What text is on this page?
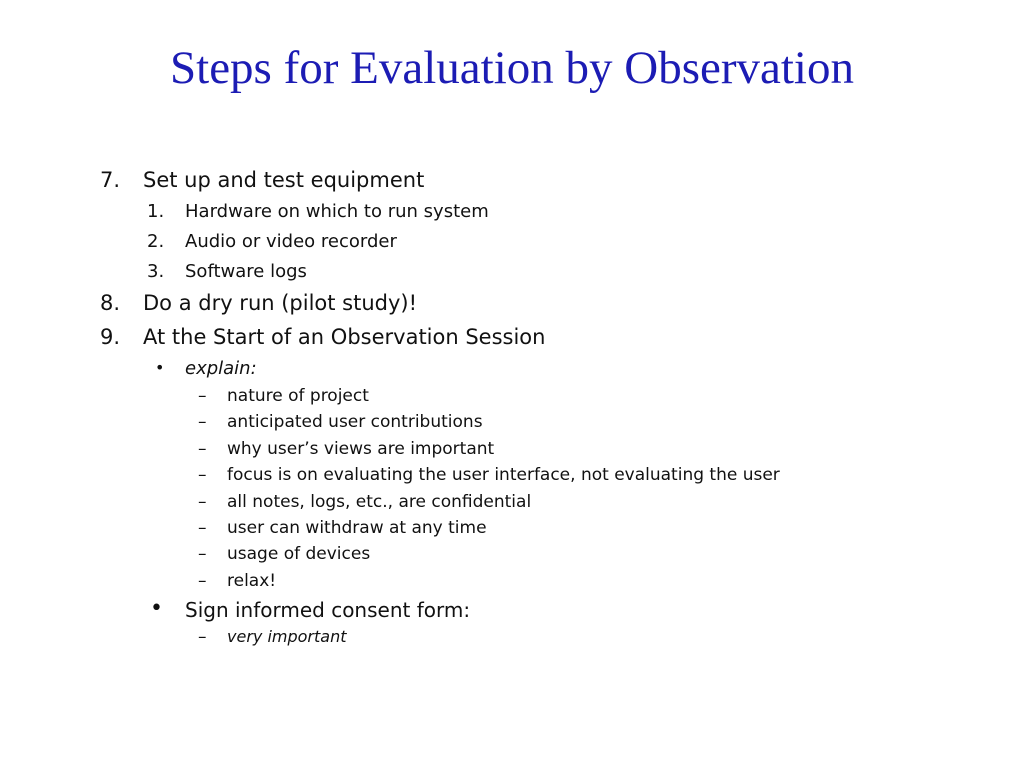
Steps for Evaluation by Observation
7. Set up and test equipment
1. Hardware on which to run system
2. Audio or video recorder
3. Software logs
8. Do a dry run (pilot study)!
9. At the Start of an Observation Session
• explain:
– nature of project
– anticipated user contributions
– why user’s views are important
– focus is on evaluating the user interface, not evaluating the user
– all notes, logs, etc., are confidential
– user can withdraw at any time
– usage of devices
– relax!
• Sign informed consent form:
– very important
